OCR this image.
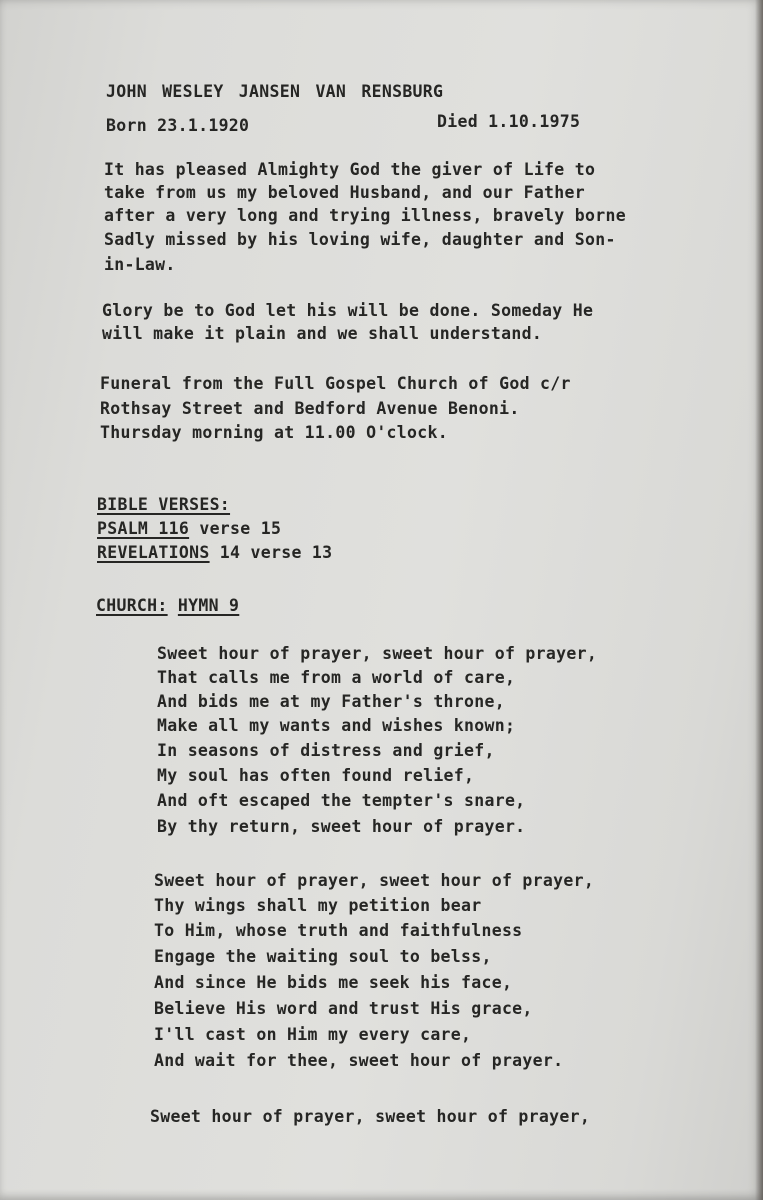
JOHN WESLEY JANSEN VAN RENSBURG

Born 23.1.1920	Died 1.10.1975

It has pleased Almighty God the giver of Life to

take from us my beloved Husband, and our Father

after a very long and trying illness, bravely borne

Sadly missed by his loving wife, daughter and Son-

in-Law.

Glory be to God let his will be done. Someday He

will make it plain and we shall understand.

Funeral from the Full Gospel Church of God c/r

Rothsay Street and Bedford Avenue Benoni.

Thursday morning at 11.00 O'clock.

BIBLE VERSES:

PSALM 116 verse 15

REVELATIONS 14 verse 13

CHURCH: HYMN 9

Sweet hour of prayer, sweet hour of prayer,

That calls me from a world of care,

And bids me at my Father's throne,

Make all my wants and wishes known;

In seasons of distress and grief,

My soul has often found relief,

And oft escaped the tempter's snare,

By thy return, sweet hour of prayer.

Sweet hour of prayer, sweet hour of prayer,

Thy wings shall my petition bear

To Him, whose truth and faithfulness

Engage the waiting soul to belss,

And since He bids me seek his face,

Believe His word and trust His grace,

I'll cast on Him my every care,

And wait for thee, sweet hour of prayer.

Sweet hour of prayer, sweet hour of prayer,
